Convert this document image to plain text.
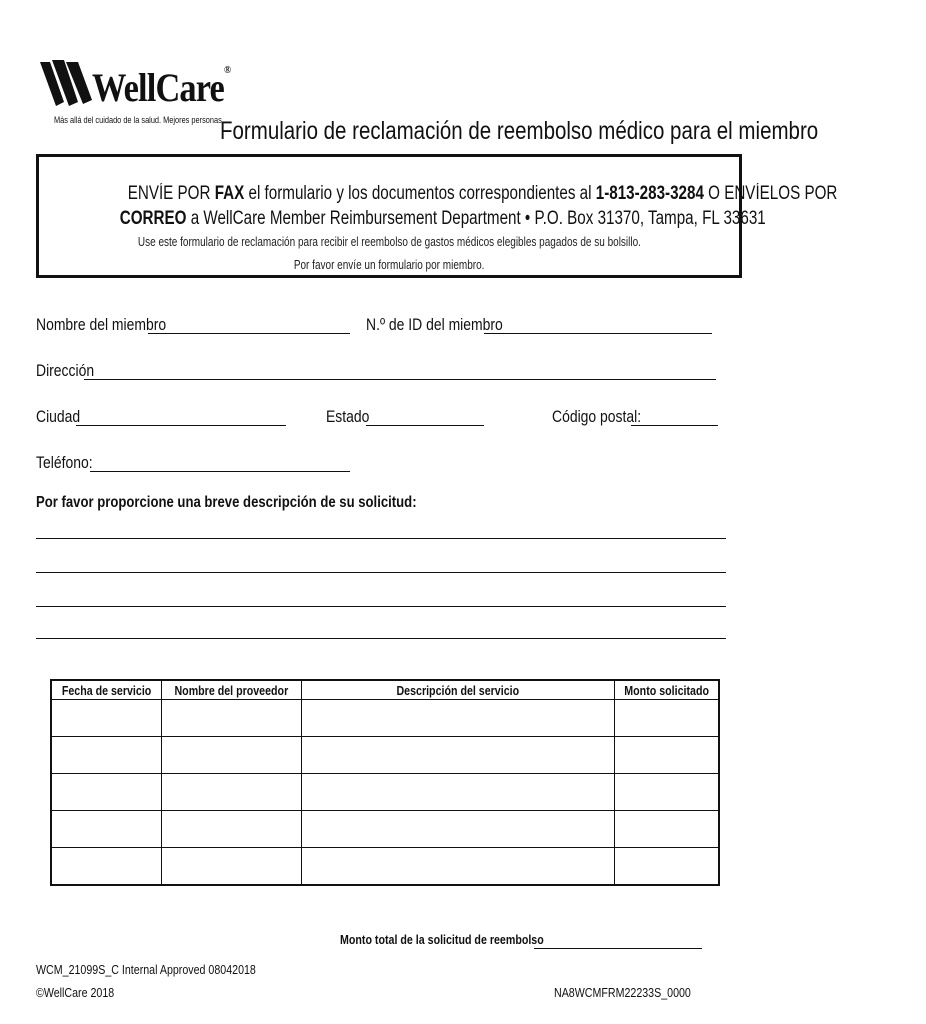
WellCare®
Más allá del cuidado de la salud. Mejores personas.
Formulario de reclamación de reembolso médico para el miembro
ENVÍE POR FAX el formulario y los documentos correspondientes al 1-813-283-3284 O ENVÍELOS POR
CORREO a WellCare Member Reimbursement Department • P.O. Box 31370, Tampa, FL 33631
Use este formulario de reclamación para recibir el reembolso de gastos médicos elegibles pagados de su bolsillo.
Por favor envíe un formulario por miembro.
Nombre del miembro	N.º de ID del miembro
Dirección
Ciudad	Estado	Código postal:
Teléfono:
Por favor proporcione una breve descripción de su solicitud:
Fecha de servicio	Nombre del proveedor	Descripción del servicio	Monto solicitado

Monto total de la solicitud de reembolso
WCM_21099S_C Internal Approved 08042018
©WellCare 2018	NA8WCMFRM22233S_0000
